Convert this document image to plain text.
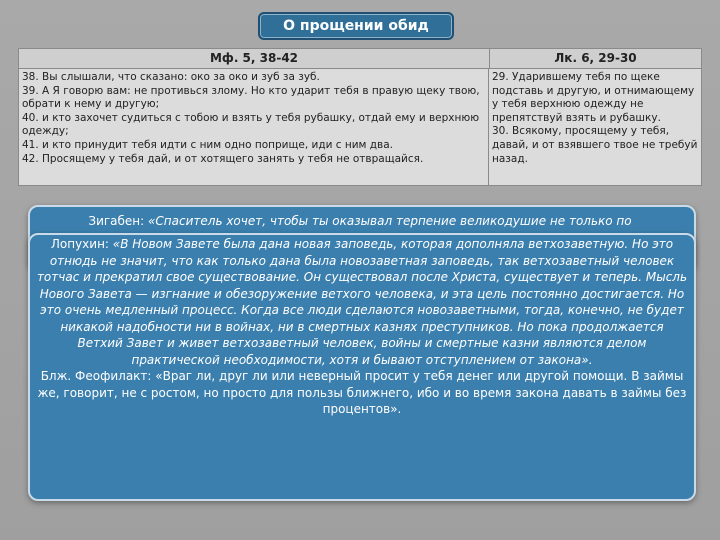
О прощении обид
Мф. 5, 38-42	Лк. 6, 29-30

38. Вы слышали, что сказано: око за око и зуб за зуб.

39. А Я говорю вам: не противься злому. Но кто ударит тебя в правую щеку твою, обрати к нему и другую;

40. и кто захочет судиться с тобою и взять у тебя рубашку, отдай ему и верхнюю одежду;

41. и кто принудит тебя идти с ним одно поприще, иди с ним два.

42. Просящему у тебя дай, и от хотящего занять у тебя не отвращайся.

29. Ударившему тебя по щеке подставь и другую, и отнимающему у тебя верхнюю одежду не препятствуй взять и рубашку.

30. Всякому, просящему у тебя, давай, и от взявшего твое не требуй назад.

Зигабен: «Спаситель хочет, чтобы ты оказывал терпение великодушие не только по

Лопухин: «В Новом Завете была дана новая заповедь, которая дополняла ветхозаветную. Но это отнюдь не значит, что как только дана была новозаветная заповедь, так ветхозаветный человек тотчас и прекратил свое существование. Он существовал после Христа, существует и теперь. Мысль Нового Завета — изгнание и обезоружение ветхого человека, и эта цель постоянно достигается. Но это очень медленный процесс. Когда все люди сделаются новозаветными, тогда, конечно, не будет никакой надобности ни в войнах, ни в смертных казнях преступников. Но пока продолжается Ветхий Завет и живет ветхозаветный человек, войны и смертные казни являются делом практической необходимости, хотя и бывают отступлением от закона».

Блж. Феофилакт: «Враг ли, друг ли или неверный просит у тебя денег или другой помощи. В займы же, говорит, не с ростом, но просто для пользы ближнего, ибо и во время закона давать в займы без процентов».
